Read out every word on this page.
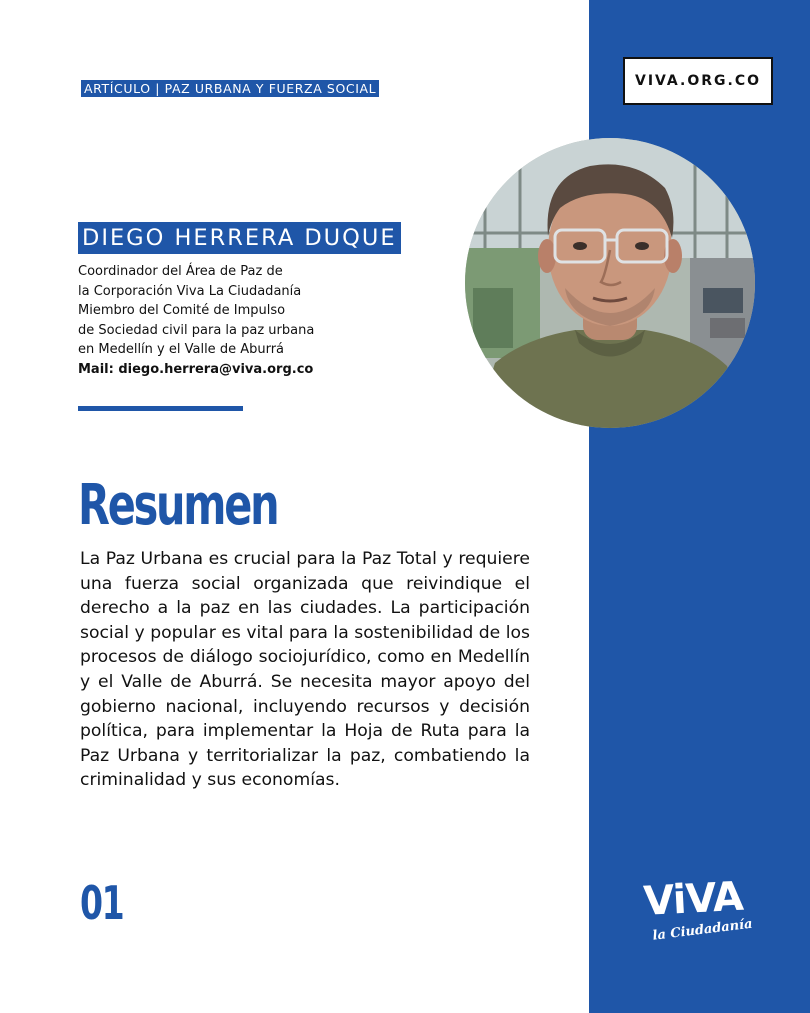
VIVA.ORG.CO
ARTÍCULO | PAZ URBANA Y FUERZA SOCIAL
DIEGO HERRERA DUQUE
Coordinador del Área de Paz de
la Corporación Viva La Ciudadanía
Miembro del Comité de Impulso
de Sociedad civil para la paz urbana
en Medellín y el Valle de Aburrá
Mail: diego.herrera@viva.org.co
Resumen

La Paz Urbana es crucial para la Paz Total y requiere una fuerza social organizada que reivindique el derecho a la paz en las ciudades. La participación social y popular es vital para la sostenibilidad de los procesos de diálogo sociojurídico, como en Medellín y el Valle de Aburrá. Se necesita mayor apoyo del gobierno nacional, incluyendo recursos y decisión política, para implementar la Hoja de Ruta para la Paz Urbana y territorializar la paz, combatiendo la criminalidad y sus economías.

01	ViVA
la Ciudadanía
